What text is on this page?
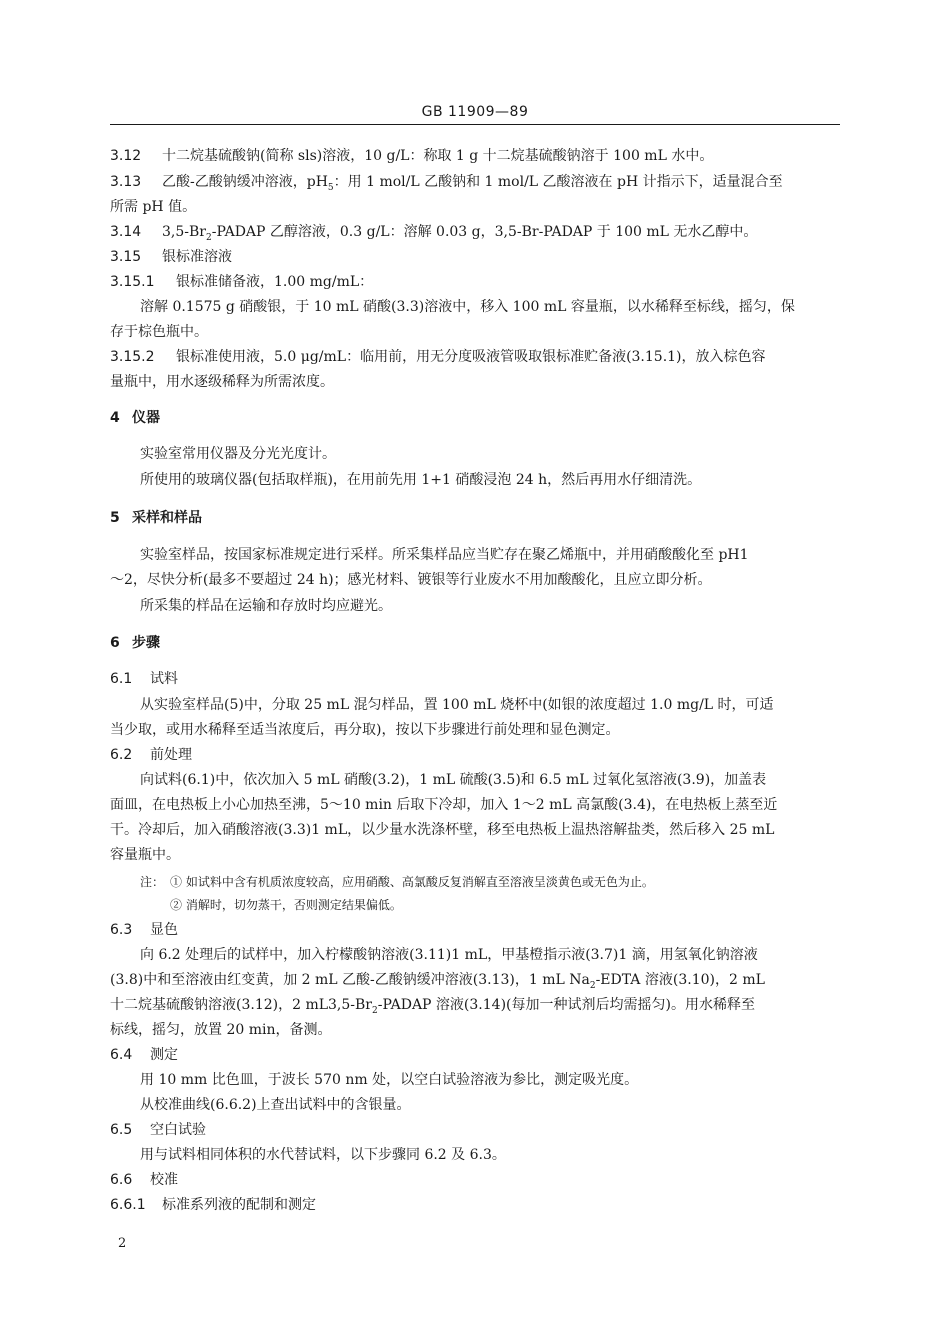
GB 11909—89
3.12 十二烷基硫酸钠(简称 sls)溶液，10 g/L：称取 1 g 十二烷基硫酸钠溶于 100 mL 水中。
3.13 乙酸-乙酸钠缓冲溶液，$pH_5$：用 1 mol/L 乙酸钠和 1 mol/L 乙酸溶液在 pH 计指示下，适量混合至
所需 pH 值。
3.14 $3,5-Br_2$-PADAP 乙醇溶液，0.3 g/L：溶解 0.03 g，3,5-Br-PADAP 于 100 mL 无水乙醇中。
3.15 银标准溶液
3.15.1 银标准储备液，1.00 mg/mL：
溶解 0.1575 g 硝酸银，于 10 mL 硝酸(3.3)溶液中，移入 100 mL 容量瓶，以水稀释至标线，摇匀，保
存于棕色瓶中。
3.15.2 银标准使用液，5.0 μg/mL：临用前，用无分度吸液管吸取银标准贮备液(3.15.1)，放入棕色容
量瓶中，用水逐级稀释为所需浓度。
4 仪器
实验室常用仪器及分光光度计。
所使用的玻璃仪器(包括取样瓶)，在用前先用 1+1 硝酸浸泡 24 h，然后再用水仔细清洗。
5 采样和样品
实验室样品，按国家标准规定进行采样。所采集样品应当贮存在聚乙烯瓶中，并用硝酸酸化至 pH1
～2，尽快分析(最多不要超过 24 h)；感光材料、镀银等行业废水不用加酸酸化，且应立即分析。
所采集的样品在运输和存放时均应避光。
6 步骤
6.1 试料
从实验室样品(5)中，分取 25 mL 混匀样品，置 100 mL 烧杯中(如银的浓度超过 1.0 mg/L 时，可适
当少取，或用水稀释至适当浓度后，再分取)，按以下步骤进行前处理和显色测定。
6.2 前处理
向试料(6.1)中，依次加入 5 mL 硝酸(3.2)，1 mL 硫酸(3.5)和 6.5 mL 过氧化氢溶液(3.9)，加盖表
面皿，在电热板上小心加热至沸，5～10 min 后取下冷却，加入 1～2 mL 高氯酸(3.4)，在电热板上蒸至近
干。冷却后，加入硝酸溶液(3.3)1 mL，以少量水洗涤杯壁，移至电热板上温热溶解盐类，然后移入 25 mL
容量瓶中。
注： ① 如试料中含有机质浓度较高，应用硝酸、高氯酸反复消解直至溶液呈淡黄色或无色为止。
② 消解时，切勿蒸干，否则测定结果偏低。
6.3 显色
向 6.2 处理后的试样中，加入柠檬酸钠溶液(3.11)1 mL，甲基橙指示液(3.7)1 滴，用氢氧化钠溶液
(3.8)中和至溶液由红变黄，加 2 mL 乙酸-乙酸钠缓冲溶液(3.13)，1 mL $Na_2$-EDTA 溶液(3.10)，2 mL
十二烷基硫酸钠溶液(3.12)，2 $mL3,5-Br_2$-PADAP 溶液(3.14)(每加一种试剂后均需摇匀)。用水稀释至
标线，摇匀，放置 20 min，备测。
6.4 测定
用 10 mm 比色皿，于波长 570 nm 处，以空白试验溶液为参比，测定吸光度。
从校准曲线(6.6.2)上查出试料中的含银量。
6.5 空白试验
用与试料相同体积的水代替试料，以下步骤同 6.2 及 6.3。
6.6 校准
6.6.1 标准系列液的配制和测定
2
